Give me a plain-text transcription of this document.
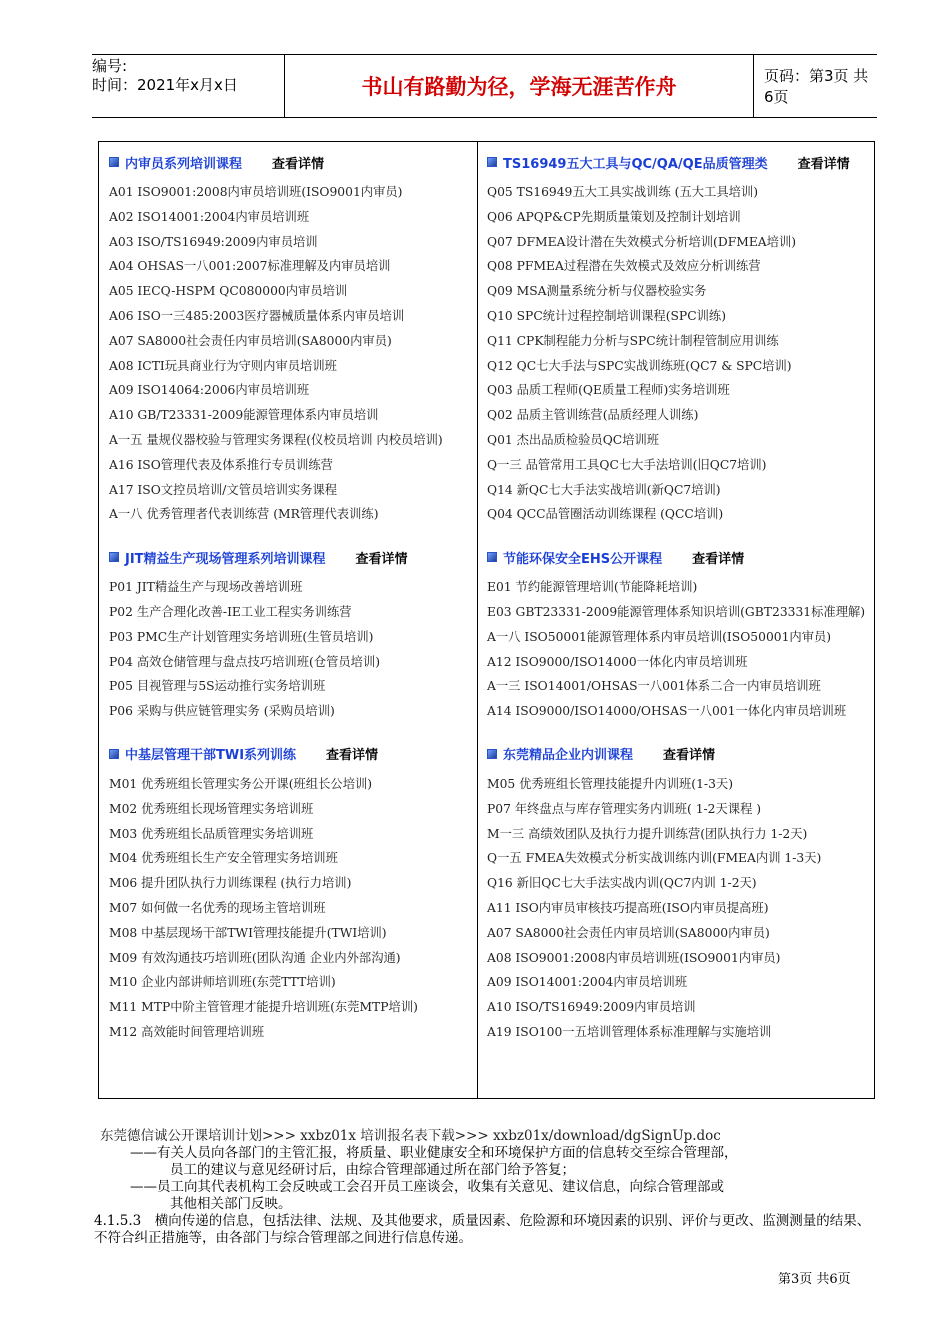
编号:
时间：2021年x月x日	书山有路勤为径，学海无涯苦作舟	页码：第3页 共6页
内审员系列培训课程 查看详情
A01 ISO9001:2008内审员培训班(ISO9001内审员)
A02 ISO14001:2004内审员培训班
A03 ISO/TS16949:2009内审员培训
A04 OHSAS一八001:2007标准理解及内审员培训
A05 IECQ-HSPM QC080000内审员培训
A06 ISO一三485:2003医疗器械质量体系内审员培训
A07 SA8000社会责任内审员培训(SA8000内审员)
A08 ICTI玩具商业行为守则内审员培训班
A09 ISO14064:2006内审员培训班
A10 GB/T23331-2009能源管理体系内审员培训
A一五 量规仪器校验与管理实务课程(仪校员培训 内校员培训)
A16 ISO管理代表及体系推行专员训练营
A17 ISO文控员培训/文管员培训实务课程
A一八 优秀管理者代表训练营 (MR管理代表训练)
JIT精益生产现场管理系列培训课程 查看详情
P01 JIT精益生产与现场改善培训班
P02 生产合理化改善-IE工业工程实务训练营
P03 PMC生产计划管理实务培训班(生管员培训)
P04 高效仓储管理与盘点技巧培训班(仓管员培训)
P05 目视管理与5S运动推行实务培训班
P06 采购与供应链管理实务 (采购员培训)
中基层管理干部TWI系列训练 查看详情
M01 优秀班组长管理实务公开课(班组长公培训)
M02 优秀班组长现场管理实务培训班
M03 优秀班组长品质管理实务培训班
M04 优秀班组长生产安全管理实务培训班
M06 提升团队执行力训练课程 (执行力培训)
M07 如何做一名优秀的现场主管培训班
M08 中基层现场干部TWI管理技能提升(TWI培训)
M09 有效沟通技巧培训班(团队沟通 企业内外部沟通)
M10 企业内部讲师培训班(东莞TTT培训)
M11 MTP中阶主管管理才能提升培训班(东莞MTP培训)
M12 高效能时间管理培训班
TS16949五大工具与QC/QA/QE品质管理类 查看详情
Q05 TS16949五大工具实战训练 (五大工具培训)
Q06 APQP&CP先期质量策划及控制计划培训
Q07 DFMEA设计潜在失效模式分析培训(DFMEA培训)
Q08 PFMEA过程潜在失效模式及效应分析训练营
Q09 MSA测量系统分析与仪器校验实务
Q10 SPC统计过程控制培训课程(SPC训练)
Q11 CPK制程能力分析与SPC统计制程管制应用训练
Q12 QC七大手法与SPC实战训练班(QC7 & SPC培训)
Q03 品质工程师(QE质量工程师)实务培训班
Q02 品质主管训练营(品质经理人训练)
Q01 杰出品质检验员QC培训班
Q一三 品管常用工具QC七大手法培训(旧QC7培训)
Q14 新QC七大手法实战培训(新QC7培训)
Q04 QCC品管圈活动训练课程 (QCC培训)
节能环保安全EHS公开课程 查看详情
E01 节约能源管理培训(节能降耗培训)
E03 GBT23331-2009能源管理体系知识培训(GBT23331标准理解)
A一八 ISO50001能源管理体系内审员培训(ISO50001内审员)
A12 ISO9000/ISO14000一体化内审员培训班
A一三 ISO14001/OHSAS一八001体系二合一内审员培训班
A14 ISO9000/ISO14000/OHSAS一八001一体化内审员培训班
东莞精品企业内训课程 查看详情
M05 优秀班组长管理技能提升内训班(1-3天)
P07 年终盘点与库存管理实务内训班( 1-2天课程 )
M一三 高绩效团队及执行力提升训练营(团队执行力 1-2天)
Q一五 FMEA失效模式分析实战训练内训(FMEA内训 1-3天)
Q16 新旧QC七大手法实战内训(QC7内训 1-2天)
A11 ISO内审员审核技巧提高班(ISO内审员提高班)
A07 SA8000社会责任内审员培训(SA8000内审员)
A08 ISO9001:2008内审员培训班(ISO9001内审员)
A09 ISO14001:2004内审员培训班
A10 ISO/TS16949:2009内审员培训
A19 ISO100一五培训管理体系标准理解与实施培训
东莞德信诚公开课培训计划>>> xxbz01x 培训报名表下载>>> xxbz01x/download/dgSignUp.doc
——有关人员向各部门的主管汇报，将质量、职业健康安全和环境保护方面的信息转交至综合管理部，
员工的建议与意见经研讨后，由综合管理部通过所在部门给予答复；
——员工向其代表机构工会反映或工会召开员工座谈会，收集有关意见、建议信息，向综合管理部或
其他相关部门反映。
4.1.5.3　横向传递的信息，包括法律、法规、及其他要求，质量因素、危险源和环境因素的识别、评价与更改、监测测量的结果、不符合纠正措施等，由各部门与综合管理部之间进行信息传递。
第3页 共6页
